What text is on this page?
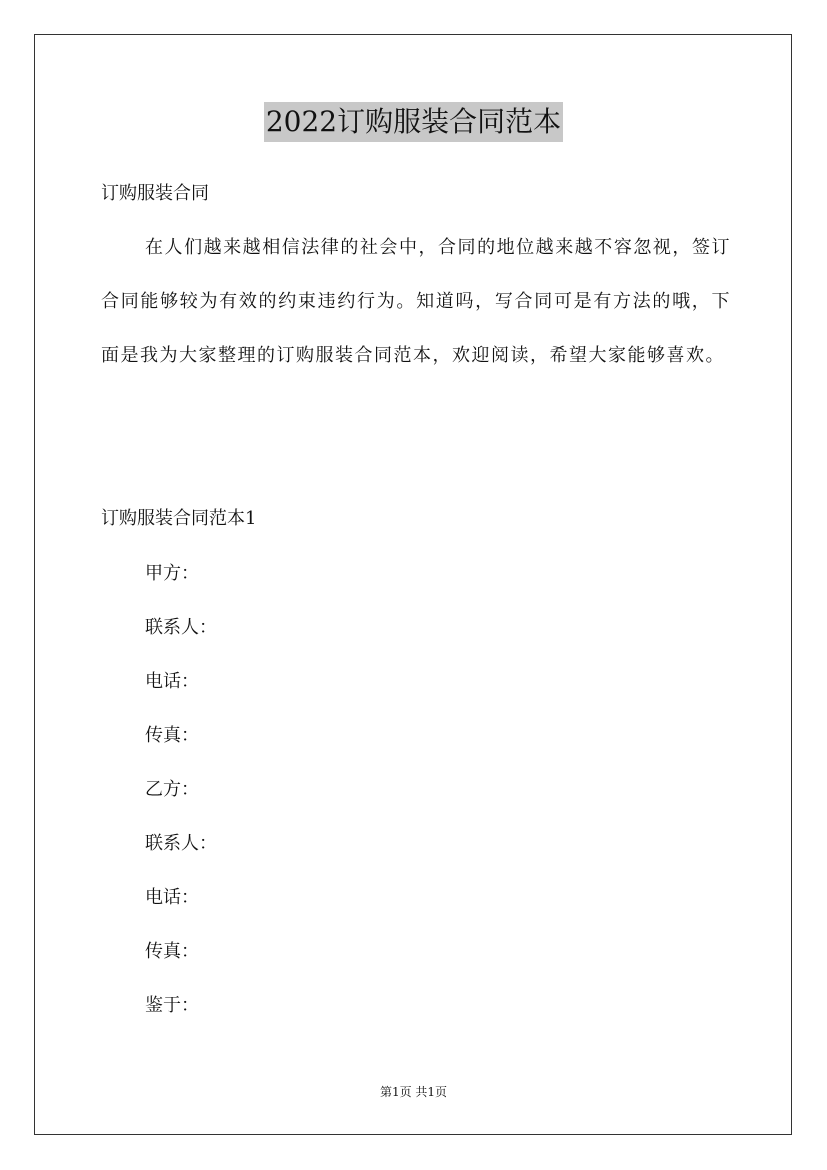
2022订购服装合同范本
订购服装合同
在人们越来越相信法律的社会中，合同的地位越来越不容忽视，签订合同能够较为有效的约束违约行为。知道吗，写合同可是有方法的哦，下面是我为大家整理的订购服装合同范本，欢迎阅读，希望大家能够喜欢。
订购服装合同范本1
甲方：
联系人：
电话：
传真：
乙方：
联系人：
电话：
传真：
鉴于：
第1页 共1页
